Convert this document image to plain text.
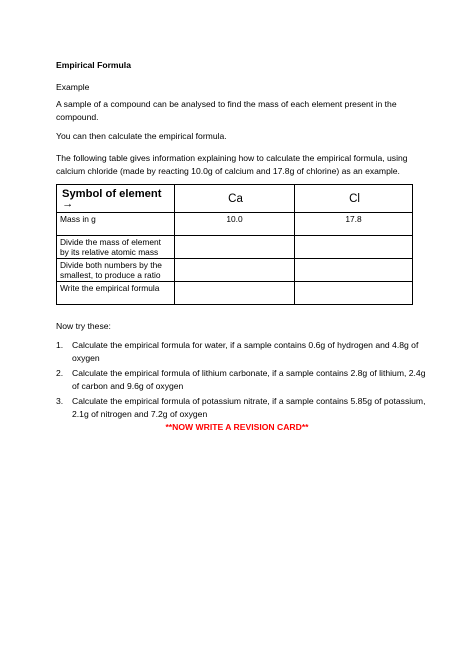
Empirical Formula

Example

A sample of a compound can be analysed to find the mass of each element present in the
compound.

You can then calculate the empirical formula.

The following table gives information explaining how to calculate the empirical formula, using
calcium chloride (made by reacting 10.0g of calcium and 17.8g of chlorine) as an example.

Symbol of element →	Ca	Cl
Mass in g	10.0	17.8
Divide the mass of element by its relative atomic mass		
Divide both numbers by the smallest, to produce a ratio		
Write the empirical formula		

Now try these:

1. Calculate the empirical formula for water, if a sample contains 0.6g of hydrogen and 4.8g of oxygen
2. Calculate the empirical formula of lithium carbonate, if a sample contains 2.8g of lithium, 2.4g of carbon and 9.6g of oxygen
3. Calculate the empirical formula of potassium nitrate, if a sample contains 5.85g of potassium, 2.1g of nitrogen and 7.2g of oxygen
**NOW WRITE A REVISION CARD**
